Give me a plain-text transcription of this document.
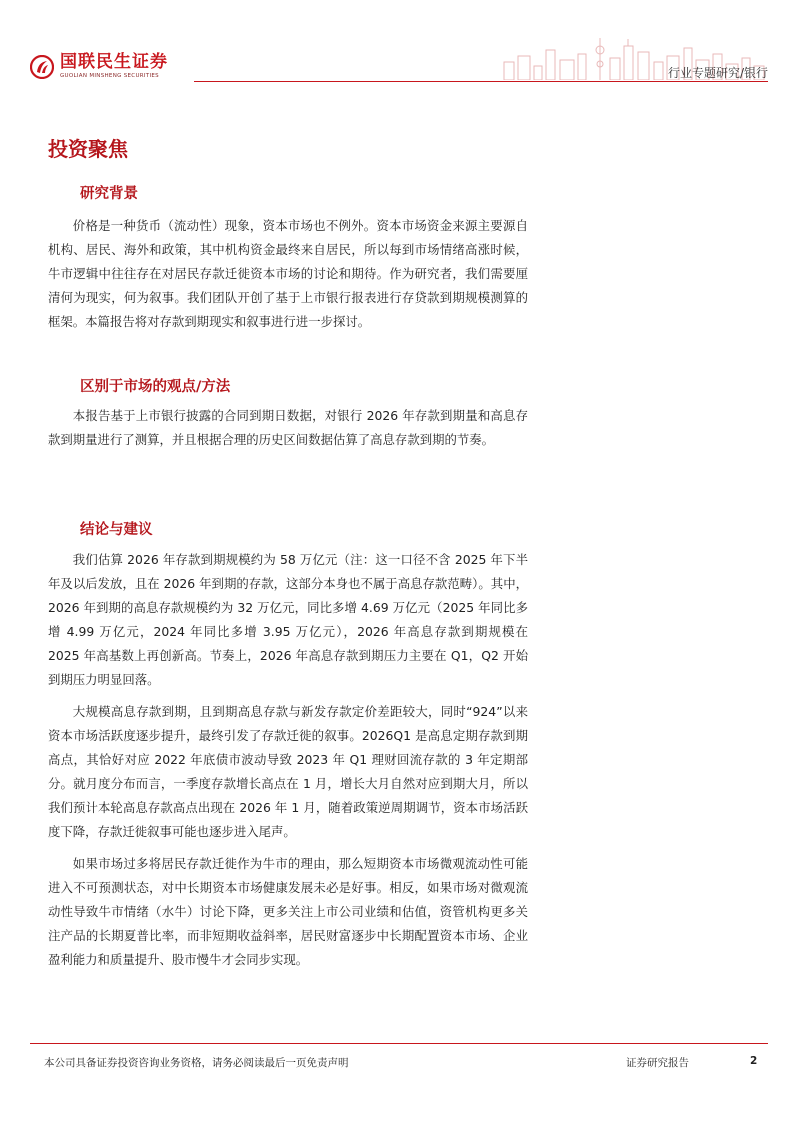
国联民生证券
GUOLIAN MINSHENG SECURITIES	行业专题研究/银行
投资聚焦
研究背景

价格是一种货币（流动性）现象，资本市场也不例外。资本市场资金来源主要源自机构、居民、海外和政策，其中机构资金最终来自居民，所以每到市场情绪高涨时候，牛市逻辑中往往存在对居民存款迁徙资本市场的讨论和期待。作为研究者，我们需要厘清何为现实，何为叙事。我们团队开创了基于上市银行报表进行存贷款到期规模测算的框架。本篇报告将对存款到期现实和叙事进行进一步探讨。

区别于市场的观点/方法

本报告基于上市银行披露的合同到期日数据，对银行 2026 年存款到期量和高息存款到期量进行了测算，并且根据合理的历史区间数据估算了高息存款到期的节奏。

结论与建议

我们估算 2026 年存款到期规模约为 58 万亿元（注：这一口径不含 2025 年下半年及以后发放，且在 2026 年到期的存款，这部分本身也不属于高息存款范畴）。其中，2026 年到期的高息存款规模约为 32 万亿元，同比多增 4.69 万亿元（2025 年同比多增 4.99 万亿元，2024 年同比多增 3.95 万亿元），2026 年高息存款到期规模在 2025 年高基数上再创新高。节奏上，2026 年高息存款到期压力主要在 Q1，Q2 开始到期压力明显回落。

大规模高息存款到期，且到期高息存款与新发存款定价差距较大，同时“924”以来资本市场活跃度逐步提升，最终引发了存款迁徙的叙事。2026Q1 是高息定期存款到期高点，其恰好对应 2022 年底债市波动导致 2023 年 Q1 理财回流存款的 3 年定期部分。就月度分布而言，一季度存款增长高点在 1 月，增长大月自然对应到期大月，所以我们预计本轮高息存款高点出现在 2026 年 1 月，随着政策逆周期调节，资本市场活跃度下降，存款迁徙叙事可能也逐步进入尾声。

如果市场过多将居民存款迁徙作为牛市的理由，那么短期资本市场微观流动性可能进入不可预测状态，对中长期资本市场健康发展未必是好事。相反，如果市场对微观流动性导致牛市情绪（水牛）讨论下降，更多关注上市公司业绩和估值，资管机构更多关注产品的长期夏普比率，而非短期收益斜率，居民财富逐步中长期配置资本市场、企业盈利能力和质量提升、股市慢牛才会同步实现。

本公司具备证券投资咨询业务资格，请务必阅读最后一页免责声明	证券研究报告	2
